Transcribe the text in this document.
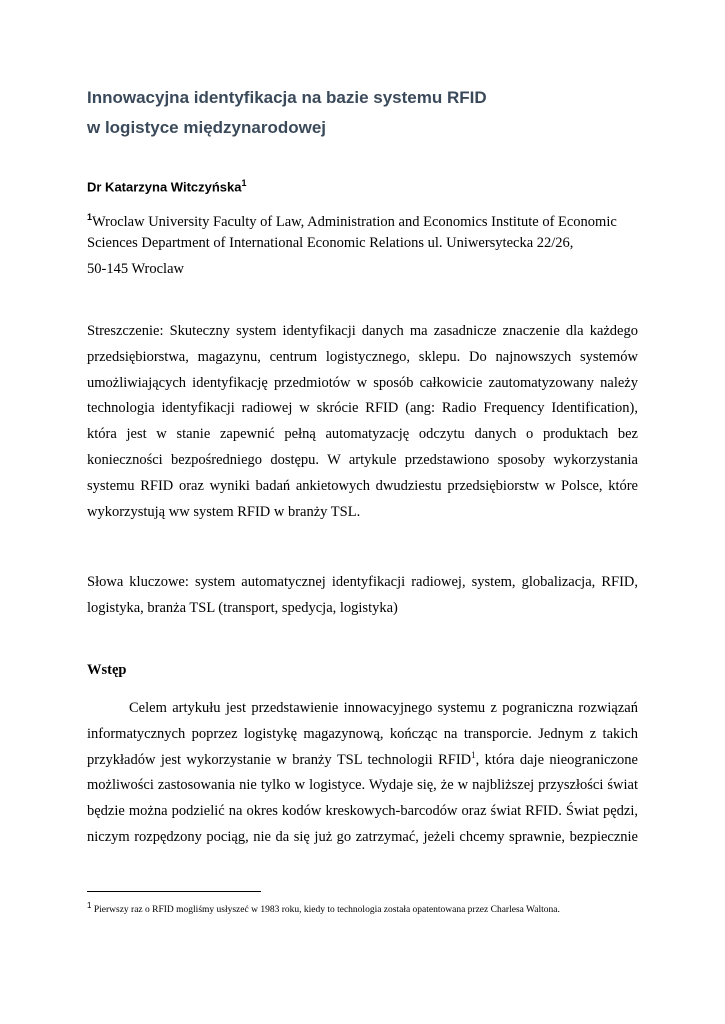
Innowacyjna identyfikacja na bazie systemu RFID
w logistyce międzynarodowej
Dr Katarzyna Witczyńska$^1$
$^1$Wroclaw University Faculty of Law, Administration and Economics Institute of Economic
Sciences Department of International Economic Relations ul. Uniwersytecka 22/26,
50-145 Wroclaw
Streszczenie: Skuteczny system identyfikacji danych ma zasadnicze znaczenie dla każdego
przedsiębiorstwa, magazynu, centrum logistycznego, sklepu. Do najnowszych systemów
umożliwiających identyfikację przedmiotów w sposób całkowicie zautomatyzowany należy
technologia identyfikacji radiowej w skrócie RFID (ang: Radio Frequency Identification),
która jest w stanie zapewnić pełną automatyzację odczytu danych o produktach bez
konieczności bezpośredniego dostępu. W artykule przedstawiono sposoby wykorzystania
systemu RFID oraz wyniki badań ankietowych dwudziestu przedsiębiorstw w Polsce, które
wykorzystują ww system RFID w branży TSL.
Słowa kluczowe: system automatycznej identyfikacji radiowej, system, globalizacja, RFID,
logistyka, branża TSL (transport, spedycja, logistyka)
Wstęp
Celem artykułu jest przedstawienie innowacyjnego systemu z pograniczna rozwiązań
informatycznych poprzez logistykę magazynową, kończąc na transporcie. Jednym z takich
przykładów jest wykorzystanie w branży TSL technologii RFID$^1$, która daje nieograniczone
możliwości zastosowania nie tylko w logistyce. Wydaje się, że w najbliższej przyszłości świat
będzie można podzielić na okres kodów kreskowych-barcodów oraz świat RFID. Świat pędzi,
niczym rozpędzony pociąg, nie da się już go zatrzymać, jeżeli chcemy sprawnie, bezpiecznie
$^1$ Pierwszy raz o RFID mogliśmy usłyszeć w 1983 roku, kiedy to technologia została opatentowana przez Charlesa Waltona.
